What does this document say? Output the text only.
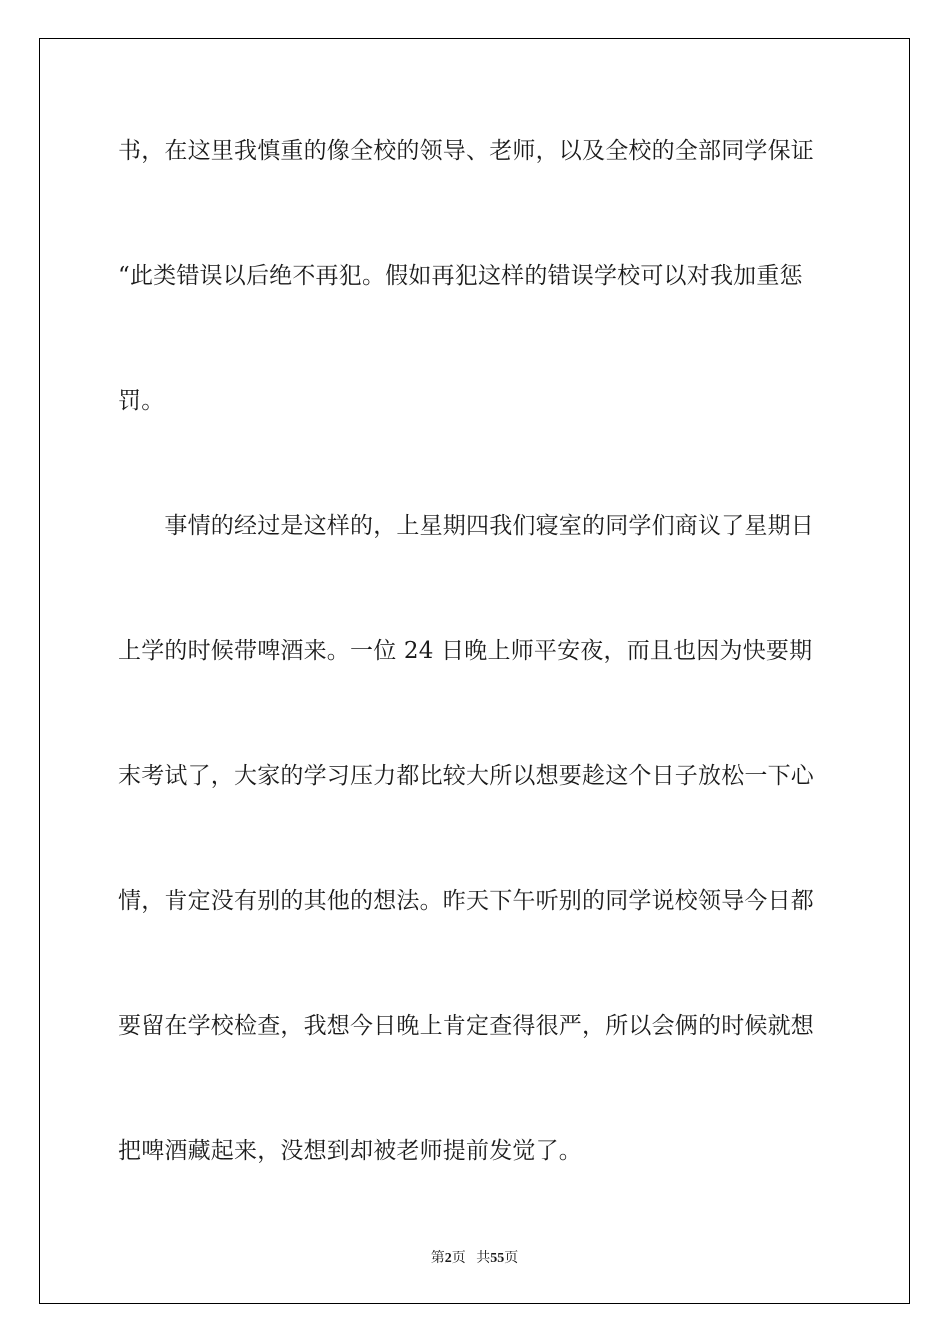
书，在这里我慎重的像全校的领导、老师，以及全校的全部同学保证
“此类错误以后绝不再犯。假如再犯这样的错误学校可以对我加重惩
罚。
　　事情的经过是这样的，上星期四我们寝室的同学们商议了星期日
上学的时候带啤酒来。一位 24 日晚上师平安夜，而且也因为快要期
末考试了，大家的学习压力都比较大所以想要趁这个日子放松一下心
情，肯定没有别的其他的想法。昨天下午听别的同学说校领导今日都
要留在学校检查，我想今日晚上肯定查得很严，所以会俩的时候就想
把啤酒藏起来，没想到却被老师提前发觉了。
第2页 共55页
